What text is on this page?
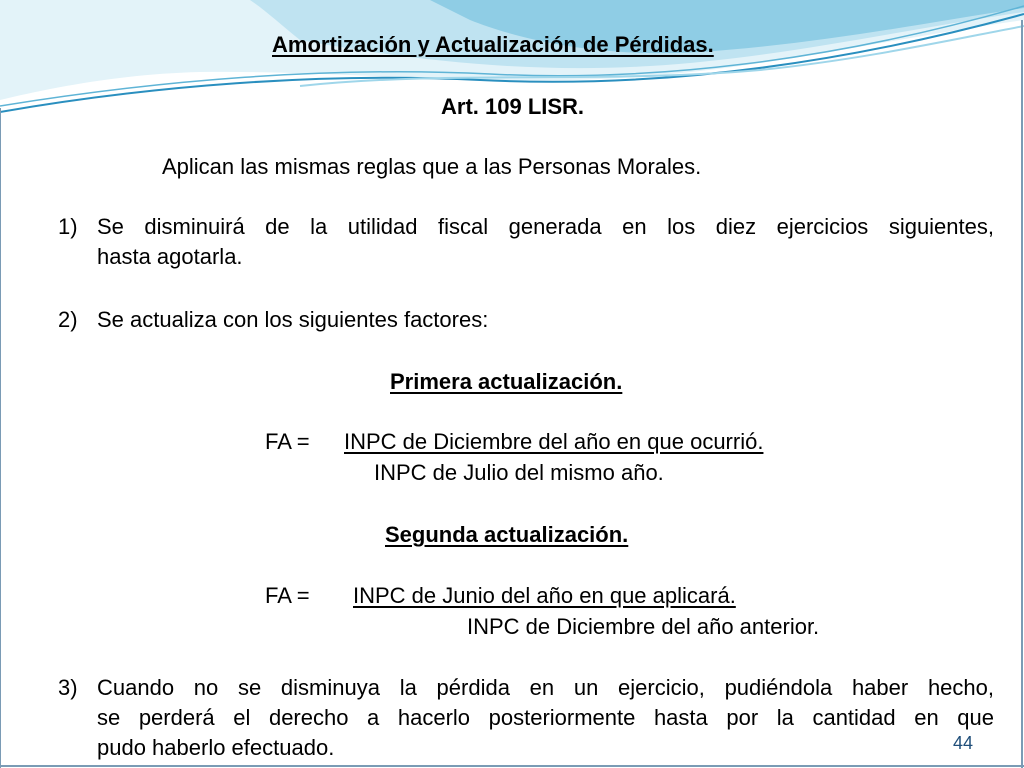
Amortización y Actualización de Pérdidas.
Art. 109 LISR.
Aplican las mismas reglas que a las Personas Morales.
1) Se disminuirá de la utilidad fiscal generada en los diez ejercicios siguientes,
hasta agotarla.
2) Se actualiza con los siguientes factores:
Primera actualización.
FA = INPC de Diciembre del año en que ocurrió.
INPC de Julio del mismo año.
Segunda actualización.
FA = INPC de Junio del año en que aplicará.
INPC de Diciembre del año anterior.
3) Cuando no se disminuya la pérdida en un ejercicio, pudiéndola haber hecho,
se perderá el derecho a hacerlo posteriormente hasta por la cantidad en que
pudo haberlo efectuado.	44
